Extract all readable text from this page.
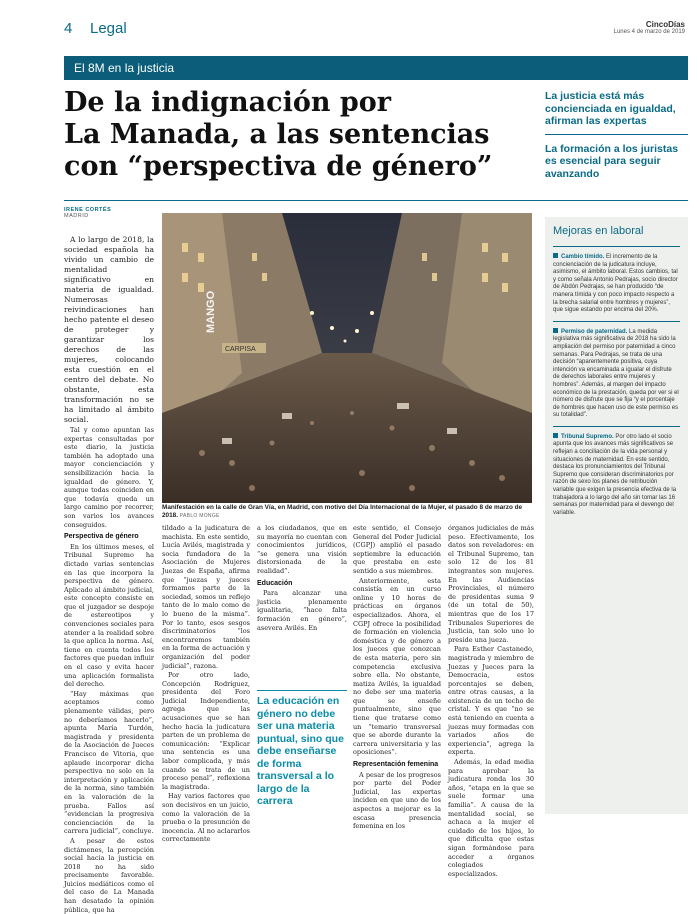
4 Legal	CincoDías
Lunes 4 de marzo de 2019
El 8M en la justicia
De la indignación por
La Manada, a las sentencias
con “perspectiva de género”
La justicia está más concienciada en igualdad, afirman las expertas
La formación a los juristas es esencial para seguir avanzando
IRENE CORTÉS
MADRID
MANGO
CARPISA
Manifestación en la calle de Gran Vía, en Madrid, con motivo del Día Internacional de la Mujer, el pasado 8 de marzo de 2018. PABLO MONGE

A lo largo de 2018, la sociedad española ha vivido un cambio de mentalidad significativo en materia de igualdad. Numerosas reivindicaciones han hecho patente el deseo de proteger y garantizar los derechos de las mujeres, colocando esta cuestión en el centro del debate. No obstante, esta transformación no se ha limitado al ámbito social.

Tal y como apuntan las expertas consultadas por este diario, la justicia también ha adoptado una mayor concienciación y sensibilización hacia la igualdad de género. Y, aunque todas coinciden en que todavía queda un largo camino por recorrer, son varios los avances conseguidos.

Perspectiva de género

En los últimos meses, el Tribunal Supremo ha dictado varias sentencias en las que incorpora la perspectiva de género. Aplicado al ámbito judicial, este concepto consiste en que el juzgador se despoje de estereotipos y convenciones sociales para atender a la realidad sobre la que aplica la norma. Así, tiene en cuenta todos los factores que puedan influir en el caso y evita hacer una aplicación formalista del derecho.

“Hay máximas que aceptamos como plenamente válidas, pero no deberíamos hacerlo”, apunta María Turdón, magistrada y presidenta de la Asociación de Jueces Francisco de Vitoria, que aplaude incorporar dicha perspectiva no solo en la interpretación y aplicación de la norma, sino también en la valoración de la prueba. Fallos así “evidencian la progresiva concienciación de la carrera judicial”, concluye.

A pesar de estos dictámenes, la percepción social hacia la justicia en 2018 no ha sido precisamente favorable. Juicios mediáticos como el del caso de La Manada han desatado la opinión pública, que ha

tildado a la judicatura de machista. En este sentido, Lucía Avilés, magistrada y socia fundadora de la Asociación de Mujeres Juezas de España, afirma que “juezas y jueces formamos parte de la sociedad, somos un reflejo tanto de lo malo como de lo bueno de la misma”. Por lo tanto, esos sesgos discriminatorios “los encontraremos también en la forma de actuación y organización del poder judicial”, razona.

Por otro lado, Concepción Rodríguez, presidenta del Foro Judicial Independiente, agrega que las acusaciones que se han hecho hacia la judicatura parten de un problema de comunicación: “Explicar una sentencia es una labor complicada, y más cuando se trata de un proceso penal”, reflexiona la magistrada.

Hay varios factores que son decisivos en un juicio, como la valoración de la prueba o la presunción de inocencia. Al no aclararlos correctamente

a los ciudadanos, que en su mayoría no cuentan con conocimientos jurídicos, “se genera una visión distorsionada de la realidad”.

Educación

Para alcanzar una justicia plenamente igualitaria, “hace falta formación en género”, asevera Avilés. En

La educación en género no debe ser una materia puntual, sino que debe enseñarse de forma transversal a lo largo de la carrera

este sentido, el Consejo General del Poder Judicial (CGPJ) amplió el pasado septiembre la educación que prestaba en este sentido a sus miembros.

Anteriormente, esta consistía en un curso online y 10 horas de prácticas en órganos especializados. Ahora, el CGPJ ofrece la posibilidad de formación en violencia doméstica y de género a los jueces que conozcan de esta materia, pero sin competencia exclusiva sobre ella. No obstante, matiza Avilés, la igualdad no debe ser una materia que se enseñe puntualmente, sino que tiene que tratarse como un “temario transversal que se aborde durante la carrera universitaria y las oposiciones”.

Representación femenina

A pesar de los progresos por parte del Poder Judicial, las expertas inciden en que uno de los aspectos a mejorar es la escasa presencia femenina en los

órganos judiciales de más peso. Efectivamente, los datos son reveladores: en el Tribunal Supremo, tan solo 12 de los 81 integrantes son mujeres. En las Audiencias Provinciales, el número de presidentas suma 9 (de un total de 50), mientras que de los 17 Tribunales Superiores de Justicia, tan solo uno lo preside una jueza.

Para Esther Castanedo, magistrada y miembro de Juezas y Jueces para la Democracia, estos porcentajes se deben, entre otras causas, a la existencia de un techo de cristal. Y es que “no se está teniendo en cuenta a juezas muy formadas con variados años de experiencia”, agrega la experta.

Además, la edad media para aprobar la judicatura ronda los 30 años, “etapa en la que se suele formar una familia”. A causa de la mentalidad social, se achaca a la mujer el cuidado de los hijos, lo que dificulta que estas sigan formándose para acceder a órganos colegiados especializados.

Mejoras en laboral
Cambio tímido. El incremento de la concienciación de la judicatura incluye, asimismo, el ámbito laboral. Estos cambios, tal y como señala Antonio Pedrajas, socio director de Abdón Pedrajas, se han producido “de manera tímida y con poco impacto respecto a la brecha salarial entre hombres y mujeres”, que sigue estando por encima del 20%.
Permiso de paternidad. La medida legislativa más significativa de 2018 ha sido la ampliación del permiso por paternidad a cinco semanas. Para Pedrajas, se trata de una decisión “aparentemente positiva, cuya intención va encaminada a igualar el disfrute de derechos laborales entre mujeres y hombres”. Además, al margen del impacto económico de la prestación, queda por ver si el número de disfrute que se fija “y el porcentaje de hombres que hacen uso de este permiso es su totalidad”.
Tribunal Supremo. Por otro lado el socio apunta que los avances más significativos se reflejan a conciliación de la vida personal y situaciones de maternidad. En este sentido, destaca los pronunciamientos del Tribunal Supremo que consideran discriminatorios por razón de sexo los planes de retribución variable que exigen la presencia efectiva de la trabajadora a lo largo del año sin tomar las 16 semanas por maternidad para el devengo del variable.
